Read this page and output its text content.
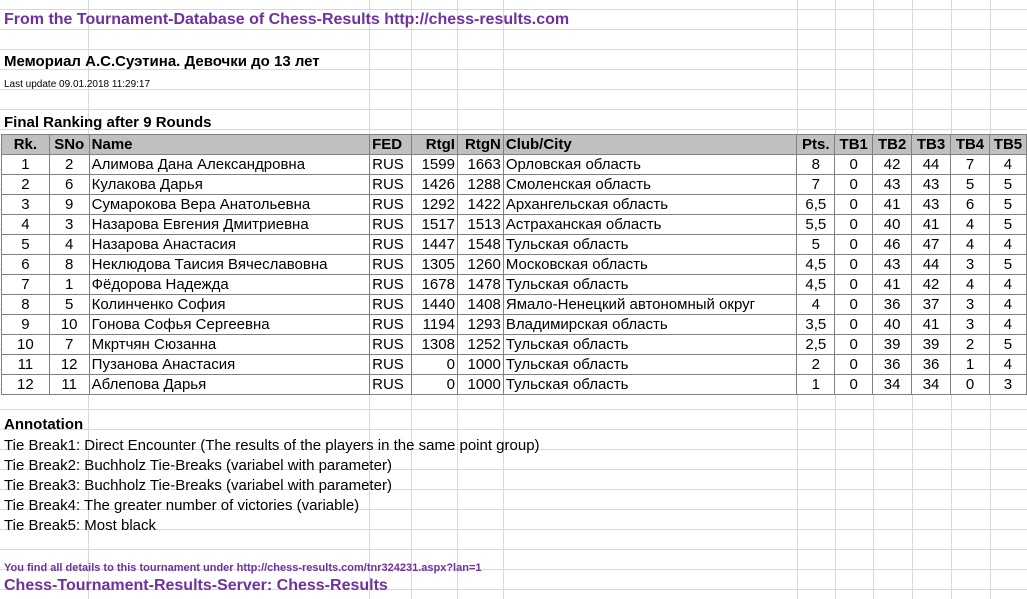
From the Tournament-Database of Chess-Results http://chess-results.com
Мемориал А.С.Суэтина. Девочки до 13 лет
Last update 09.01.2018 11:29:17
Final Ranking after 9 Rounds
Rk.	SNo	Name	FED	RtgI	RtgN	Club/City	Pts.	TB1	TB2	TB3	TB4	TB5
1	2	Алимова Дана Александровна	RUS	1599	1663	Орловская область	8	0	42	44	7	4
2	6	Кулакова Дарья	RUS	1426	1288	Смоленская область	7	0	43	43	5	5
3	9	Сумарокова Вера Анатольевна	RUS	1292	1422	Архангельская область	6,5	0	41	43	6	5
4	3	Назарова Евгения Дмитриевна	RUS	1517	1513	Астраханская область	5,5	0	40	41	4	5
5	4	Назарова Анастасия	RUS	1447	1548	Тульская область	5	0	46	47	4	4
6	8	Неклюдова Таисия Вячеславовна	RUS	1305	1260	Московская область	4,5	0	43	44	3	5
7	1	Фёдорова Надежда	RUS	1678	1478	Тульская область	4,5	0	41	42	4	4
8	5	Колинченко София	RUS	1440	1408	Ямало-Ненецкий автономный округ	4	0	36	37	3	4
9	10	Гонова Софья Сергеевна	RUS	1194	1293	Владимирская область	3,5	0	40	41	3	4
10	7	Мкртчян Сюзанна	RUS	1308	1252	Тульская область	2,5	0	39	39	2	5
11	12	Пузанова Анастасия	RUS	0	1000	Тульская область	2	0	36	36	1	4
12	11	Аблепова Дарья	RUS	0	1000	Тульская область	1	0	34	34	0	3
Annotation
Tie Break1: Direct Encounter (The results of the players in the same point group)
Tie Break2: Buchholz Tie-Breaks (variabel with parameter)
Tie Break3: Buchholz Tie-Breaks (variabel with parameter)
Tie Break4: The greater number of victories (variable)
Tie Break5: Most black
You find all details to this tournament under http://chess-results.com/tnr324231.aspx?lan=1
Chess-Tournament-Results-Server: Chess-Results
